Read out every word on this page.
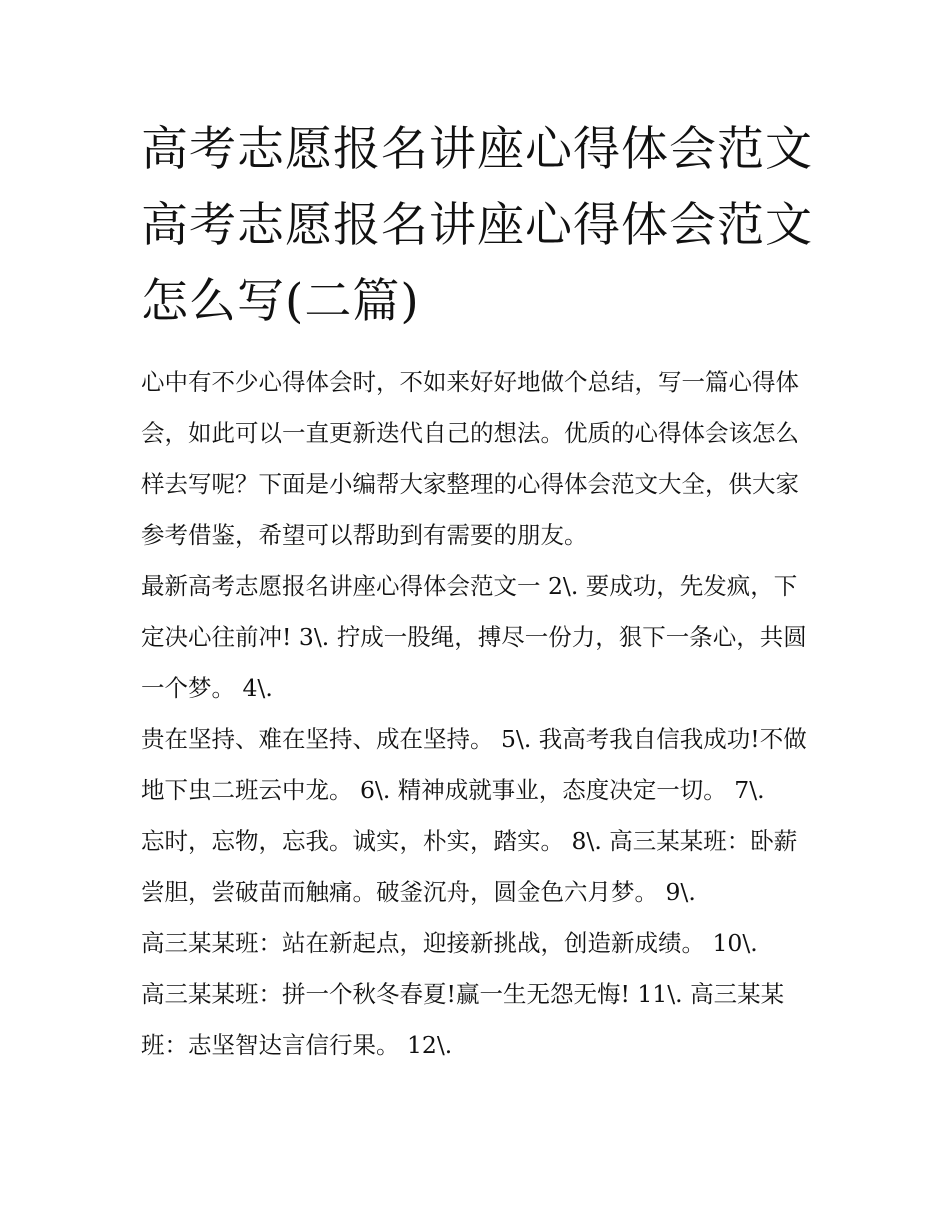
高考志愿报名讲座心得体会范文 高考志愿报名讲座心得体会范文怎么写(二篇)

心中有不少心得体会时，不如来好好地做个总结，写一篇心得体会，如此可以一直更新迭代自己的想法。优质的心得体会该怎么样去写呢？下面是小编帮大家整理的心得体会范文大全，供大家参考借鉴，希望可以帮助到有需要的朋友。

最新高考志愿报名讲座心得体会范文一 2\. 要成功，先发疯，下定决心往前冲! 3\. 拧成一股绳，搏尽一份力，狠下一条心，共圆一个梦。 4\.

贵在坚持、难在坚持、成在坚持。 5\. 我高考我自信我成功!不做地下虫二班云中龙。 6\. 精神成就事业，态度决定一切。 7\.

忘时，忘物，忘我。诚实，朴实，踏实。 8\. 高三某某班：卧薪尝胆，尝破苗而触痛。破釜沉舟，圆金色六月梦。 9\.

高三某某班：站在新起点，迎接新挑战，创造新成绩。 10\.

高三某某班：拼一个秋冬春夏!赢一生无怨无悔! 11\. 高三某某班：志坚智达言信行果。 12\.
